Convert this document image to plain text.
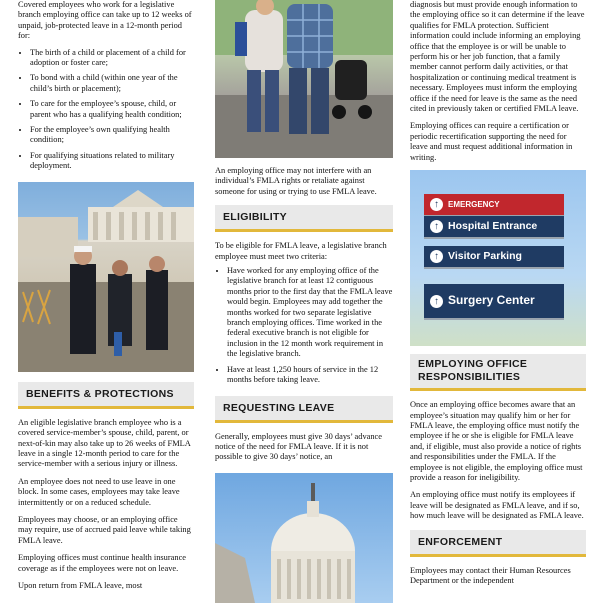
Covered employees who work for a legislative branch employing office can take up to 12 weeks of unpaid, job-protected leave in a 12-month period for:

• The birth of a child or placement of a child for adoption or foster care;
• To bond with a child (within one year of the child’s birth or placement);
• To care for the employee’s spouse, child, or parent who has a qualifying health condition;
• For the employee’s own qualifying health condition;
• For qualifying situations related to military deployment.
BENEFITS & PROTECTIONS

An eligible legislative branch employee who is a covered service-member’s spouse, child, parent, or next-of-kin may also take up to 26 weeks of FMLA leave in a single 12-month period to care for the service-member with a serious injury or illness.

An employee does not need to use leave in one block. In some cases, employees may take leave intermittently or on a reduced schedule.

Employees may choose, or an employing office may require, use of accrued paid leave while taking FMLA leave.

Employing offices must continue health insurance coverage as if the employees were not on leave.

Upon return from FMLA leave, most

An employing office may not interfere with an individual’s FMLA rights or retaliate against someone for using or trying to use FMLA leave.

ELIGIBILITY

To be eligible for FMLA leave, a legislative branch employee must meet two criteria:

• Have worked for any employing office of the legislative branch for at least 12 contiguous months prior to the first day that the FMLA leave would begin. Employees may add together the months worked for two separate legislative branch employing offices. Time worked in the federal executive branch is not eligible for inclusion in the 12 month work requirement in the legislative branch.
• Have at least 1,250 hours of service in the 12 months before taking leave.
REQUESTING LEAVE

Generally, employees must give 30 days’ advance notice of the need for FMLA leave. If it is not possible to give 30 days’ notice, an

diagnosis but must provide enough information to the employing office so it can determine if the leave qualifies for FMLA protection. Sufficient information could include informing an employing office that the employee is or will be unable to perform his or her job function, that a family member cannot perform daily activities, or that hospitalization or continuing medical treatment is necessary. Employees must inform the employing office if the need for leave is the same as the need cited in previously taken or certified FMLA leave.

Employing offices can require a certification or periodic recertification supporting the need for leave and must request additional information in writing.

↑ EMERGENCY
↑ Hospital Entrance
↑ Visitor Parking
↑ Surgery Center
EMPLOYING OFFICE
RESPONSIBILITIES

Once an employing office becomes aware that an employee’s situation may qualify him or her for FMLA leave, the employing office must notify the employee if he or she is eligible for FMLA leave and, if eligible, must also provide a notice of rights and responsibilities under the FMLA. If the employee is not eligible, the employing office must provide a reason for ineligibility.

An employing office must notify its employees if leave will be designated as FMLA leave, and if so, how much leave will be designated as FMLA leave.

ENFORCEMENT

Employees may contact their Human Resources Department or the independent
